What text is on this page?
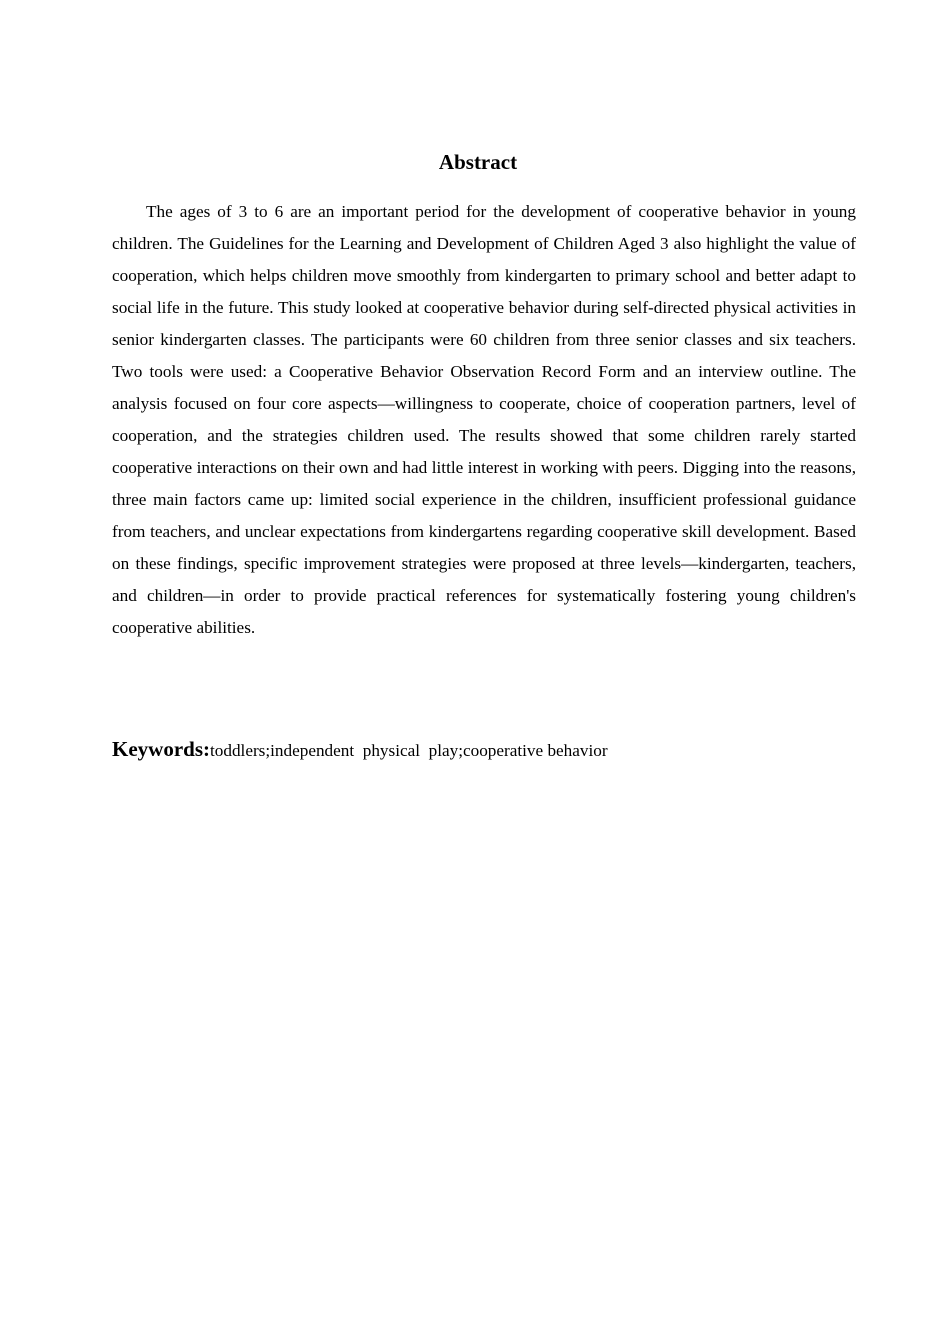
Abstract

The ages of 3 to 6 are an important period for the development of cooperative behavior in young children. The Guidelines for the Learning and Development of Children Aged 3 also highlight the value of cooperation, which helps children move smoothly from kindergarten to primary school and better adapt to social life in the future. This study looked at cooperative behavior during self-directed physical activities in senior kindergarten classes. The participants were 60 children from three senior classes and six teachers. Two tools were used: a Cooperative Behavior Observation Record Form and an interview outline. The analysis focused on four core aspects—willingness to cooperate, choice of cooperation partners, level of cooperation, and the strategies children used. The results showed that some children rarely started cooperative interactions on their own and had little interest in working with peers. Digging into the reasons, three main factors came up: limited social experience in the children, insufficient professional guidance from teachers, and unclear expectations from kindergartens regarding cooperative skill development. Based on these findings, specific improvement strategies were proposed at three levels—kindergarten, teachers, and children—in order to provide practical references for systematically fostering young children's cooperative abilities.

Keywords:toddlers;independent  physical  play;cooperative behavior
